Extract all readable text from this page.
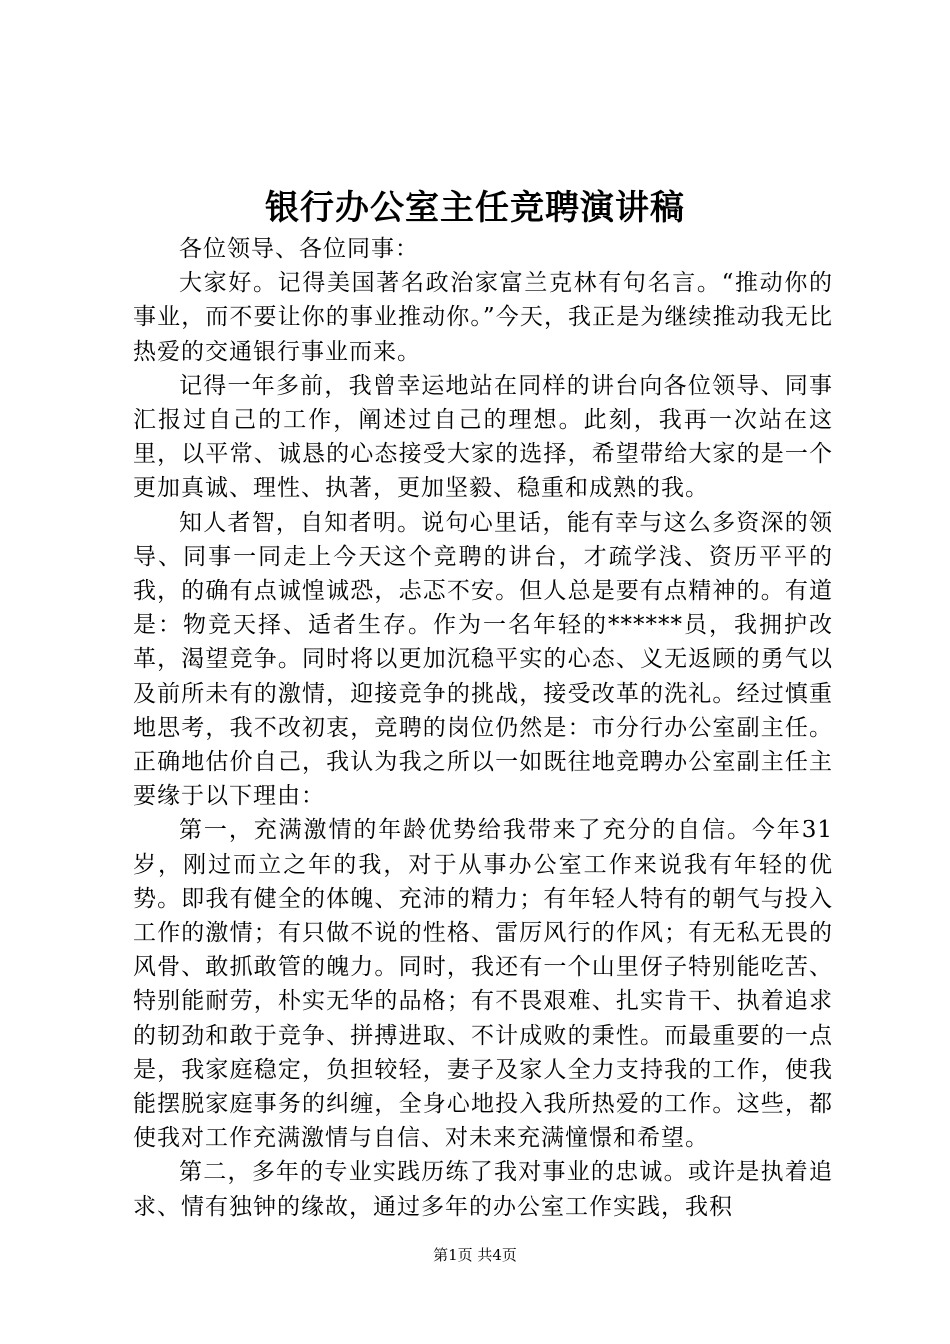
银行办公室主任竞聘演讲稿

各位领导、各位同事：

大家好。记得美国著名政治家富兰克林有句名言。“推动你的事业，而不要让你的事业推动你。”今天，我正是为继续推动我无比热爱的交通银行事业而来。

记得一年多前，我曾幸运地站在同样的讲台向各位领导、同事汇报过自己的工作，阐述过自己的理想。此刻，我再一次站在这里，以平常、诚恳的心态接受大家的选择，希望带给大家的是一个更加真诚、理性、执著，更加坚毅、稳重和成熟的我。

知人者智，自知者明。说句心里话，能有幸与这么多资深的领导、同事一同走上今天这个竞聘的讲台，才疏学浅、资历平平的我，的确有点诚惶诚恐，忐忑不安。但人总是要有点精神的。有道是：物竞天择、适者生存。作为一名年轻的******员，我拥护改革，渴望竞争。同时将以更加沉稳平实的心态、义无返顾的勇气以及前所未有的激情，迎接竞争的挑战，接受改革的洗礼。经过慎重地思考，我不改初衷，竞聘的岗位仍然是：市分行办公室副主任。正确地估价自己，我认为我之所以一如既往地竞聘办公室副主任主要缘于以下理由：

第一，充满激情的年龄优势给我带来了充分的自信。今年31岁，刚过而立之年的我，对于从事办公室工作来说我有年轻的优势。即我有健全的体魄、充沛的精力；有年轻人特有的朝气与投入工作的激情；有只做不说的性格、雷厉风行的作风；有无私无畏的风骨、敢抓敢管的魄力。同时，我还有一个山里伢子特别能吃苦、特别能耐劳，朴实无华的品格；有不畏艰难、扎实肯干、执着追求的韧劲和敢于竞争、拼搏进取、不计成败的秉性。而最重要的一点是，我家庭稳定，负担较轻，妻子及家人全力支持我的工作，使我能摆脱家庭事务的纠缠，全身心地投入我所热爱的工作。这些，都使我对工作充满激情与自信、对未来充满憧憬和希望。

第二，多年的专业实践历练了我对事业的忠诚。或许是执着追求、情有独钟的缘故，通过多年的办公室工作实践，我积

第1页 共4页
